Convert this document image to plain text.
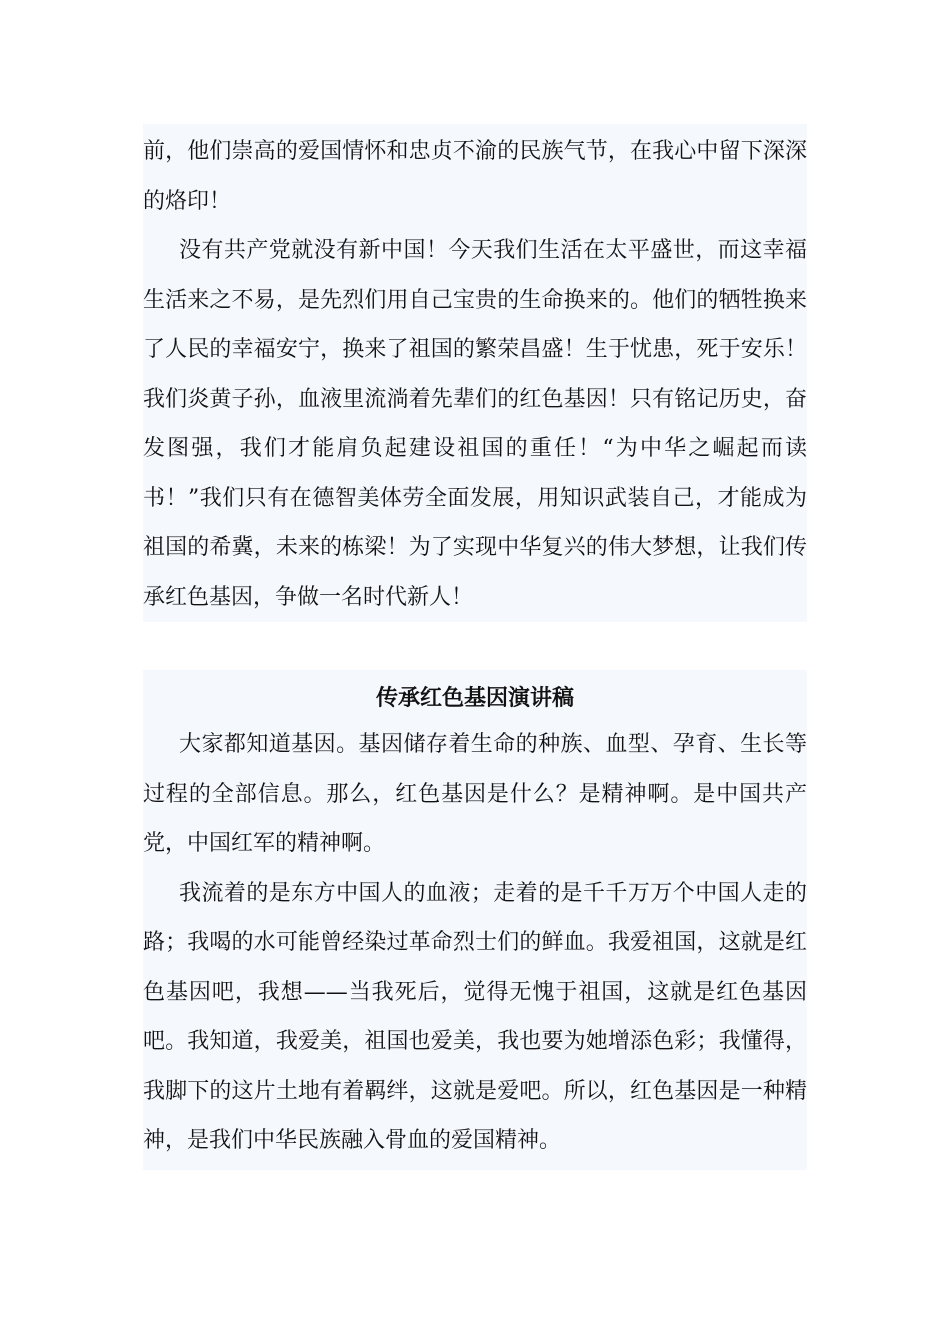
前，他们崇高的爱国情怀和忠贞不渝的民族气节，在我心中留下深深的烙印！

没有共产党就没有新中国！今天我们生活在太平盛世，而这幸福生活来之不易，是先烈们用自己宝贵的生命换来的。他们的牺牲换来了人民的幸福安宁，换来了祖国的繁荣昌盛！生于忧患，死于安乐！我们炎黄子孙，血液里流淌着先辈们的红色基因！只有铭记历史，奋发图强，我们才能肩负起建设祖国的重任！“为中华之崛起而读书！”我们只有在德智美体劳全面发展，用知识武装自己，才能成为祖国的希冀，未来的栋梁！为了实现中华复兴的伟大梦想，让我们传承红色基因，争做一名时代新人！

传承红色基因演讲稿

大家都知道基因。基因储存着生命的种族、血型、孕育、生长等过程的全部信息。那么，红色基因是什么？是精神啊。是中国共产党，中国红军的精神啊。

我流着的是东方中国人的血液；走着的是千千万万个中国人走的路；我喝的水可能曾经染过革命烈士们的鲜血。我爱祖国，这就是红色基因吧，我想——当我死后，觉得无愧于祖国，这就是红色基因吧。我知道，我爱美，祖国也爱美，我也要为她增添色彩；我懂得，我脚下的这片土地有着羁绊，这就是爱吧。所以，红色基因是一种精神，是我们中华民族融入骨血的爱国精神。
